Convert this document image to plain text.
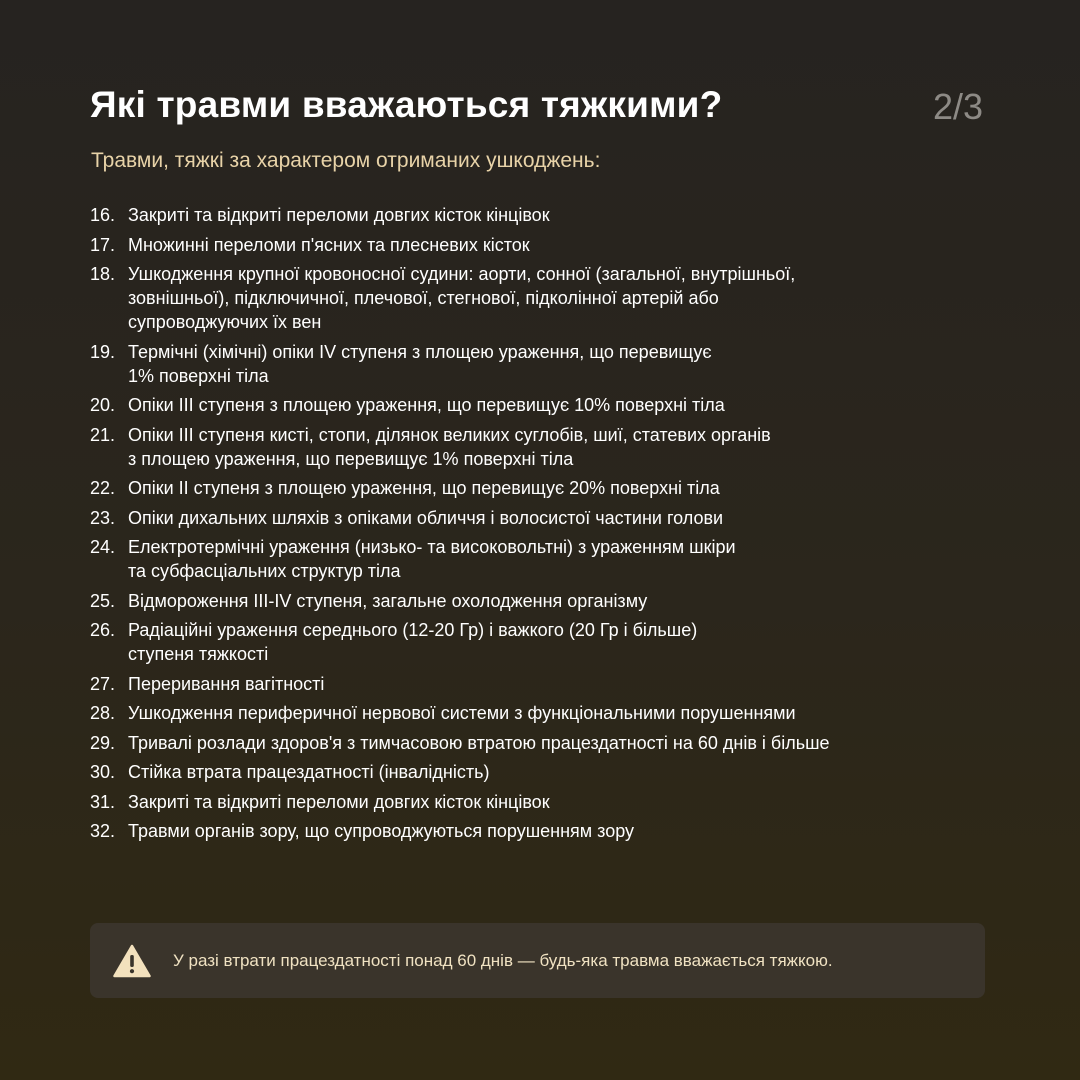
Які травми вважаються тяжкими?	2/3

Травми, тяжкі за характером отриманих ушкоджень:

16. Закриті та відкриті переломи довгих кісток кінцівок
17. Множинні переломи п'ясних та плесневих кісток
18. Ушкодження крупної кровоносної судини: аорти, сонної (загальної, внутрішньої,
зовнішньої), підключичної, плечової, стегнової, підколінної артерій або
супроводжуючих їх вен
19. Термічні (хімічні) опіки IV ступеня з площею ураження, що перевищує
1% поверхні тіла
20. Опіки III ступеня з площею ураження, що перевищує 10% поверхні тіла
21. Опіки III ступеня кисті, стопи, ділянок великих суглобів, шиї, статевих органів
з площею ураження, що перевищує 1% поверхні тіла
22. Опіки II ступеня з площею ураження, що перевищує 20% поверхні тіла
23. Опіки дихальних шляхів з опіками обличчя і волосистої частини голови
24. Електротермічні ураження (низько- та високовольтні) з ураженням шкіри
та субфасціальних структур тіла
25. Відмороження III-IV ступеня, загальне охолодження організму
26. Радіаційні ураження середнього (12-20 Гр) і важкого (20 Гр і більше)
ступеня тяжкості
27. Переривання вагітності
28. Ушкодження периферичної нервової системи з функціональними порушеннями
29. Тривалі розлади здоров'я з тимчасовою втратою працездатності на 60 днів і більше
30. Стійка втрата працездатності (інвалідність)
31. Закриті та відкриті переломи довгих кісток кінцівок
32. Травми органів зору, що супроводжуються порушенням зору
У разі втрати працездатності понад 60 днів — будь-яка травма вважається тяжкою.
